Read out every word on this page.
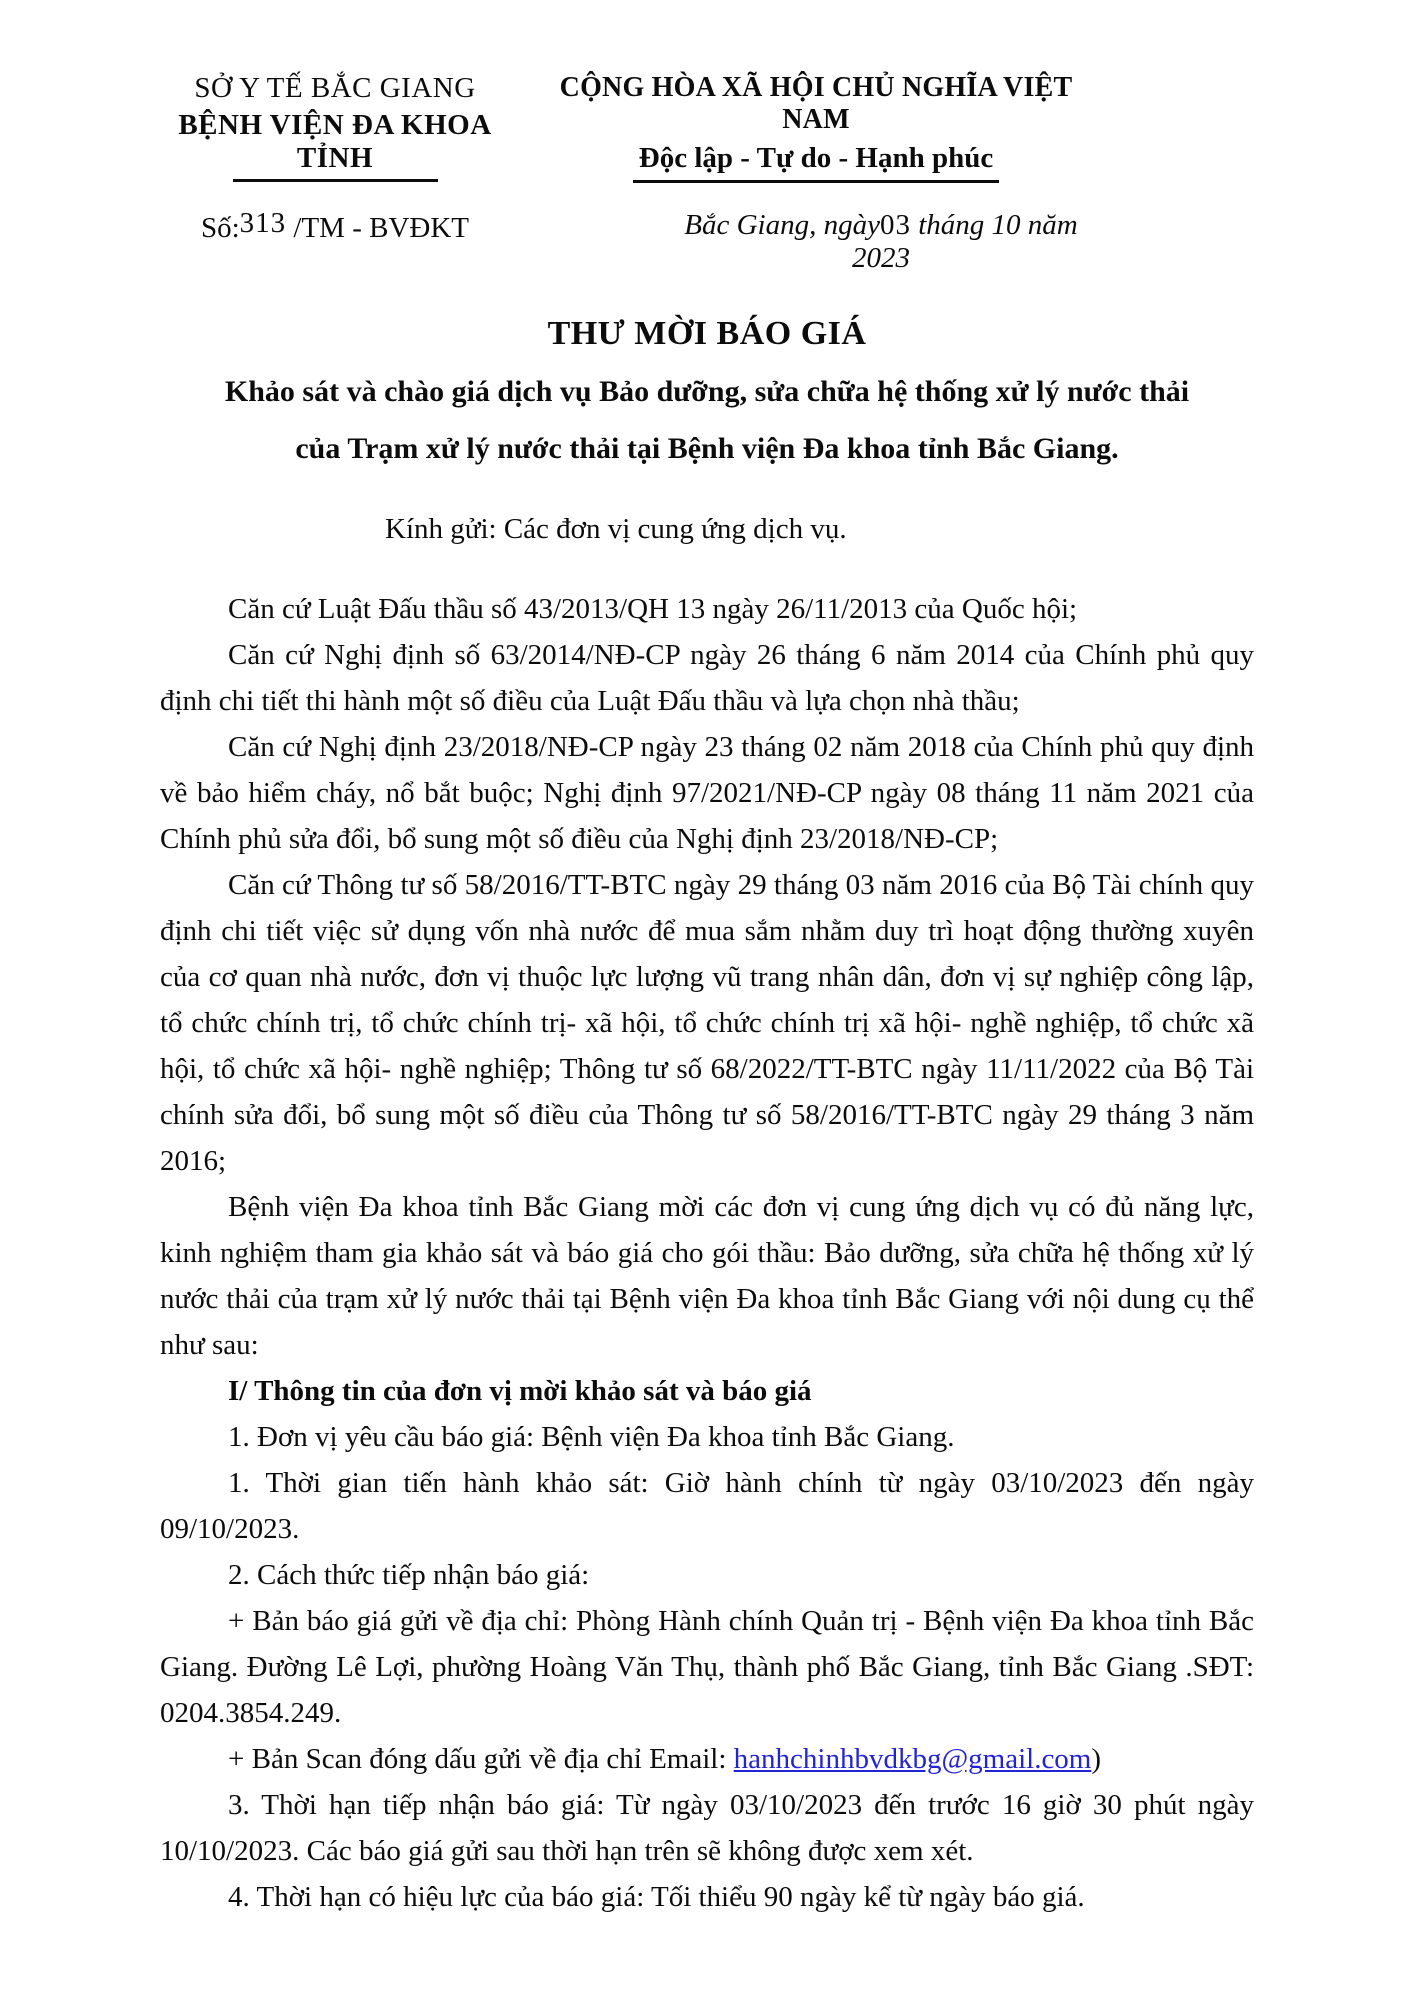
SỞ Y TẾ BẮC GIANG
BỆNH VIỆN ĐA KHOA TỈNH
Số:313 /TM - BVĐKT
CỘNG HÒA XÃ HỘI CHỦ NGHĨA VIỆT NAM
Độc lập - Tự do - Hạnh phúc
Bắc Giang, ngày03 tháng 10 năm 2023
THƯ MỜI BÁO GIÁ
Khảo sát và chào giá dịch vụ Bảo dưỡng, sửa chữa hệ thống xử lý nước thải
của Trạm xử lý nước thải tại Bệnh viện Đa khoa tỉnh Bắc Giang.
Kính gửi: Các đơn vị cung ứng dịch vụ.

Căn cứ Luật Đấu thầu số 43/2013/QH 13 ngày 26/11/2013 của Quốc hội;

Căn cứ Nghị định số 63/2014/NĐ-CP ngày 26 tháng 6 năm 2014 của Chính phủ quy định chi tiết thi hành một số điều của Luật Đấu thầu và lựa chọn nhà thầu;

Căn cứ Nghị định 23/2018/NĐ-CP ngày 23 tháng 02 năm 2018 của Chính phủ quy định về bảo hiểm cháy, nổ bắt buộc; Nghị định 97/2021/NĐ-CP ngày 08 tháng 11 năm 2021 của Chính phủ sửa đổi, bổ sung một số điều của Nghị định 23/2018/NĐ-CP;

Căn cứ Thông tư số 58/2016/TT-BTC ngày 29 tháng 03 năm 2016 của Bộ Tài chính quy định chi tiết việc sử dụng vốn nhà nước để mua sắm nhằm duy trì hoạt động thường xuyên của cơ quan nhà nước, đơn vị thuộc lực lượng vũ trang nhân dân, đơn vị sự nghiệp công lập, tổ chức chính trị, tổ chức chính trị- xã hội, tổ chức chính trị xã hội- nghề nghiệp, tổ chức xã hội, tổ chức xã hội- nghề nghiệp; Thông tư số 68/2022/TT-BTC ngày 11/11/2022 của Bộ Tài chính sửa đổi, bổ sung một số điều của Thông tư số 58/2016/TT-BTC ngày 29 tháng 3 năm 2016;

Bệnh viện Đa khoa tỉnh Bắc Giang mời các đơn vị cung ứng dịch vụ có đủ năng lực, kinh nghiệm tham gia khảo sát và báo giá cho gói thầu: Bảo dưỡng, sửa chữa hệ thống xử lý nước thải của trạm xử lý nước thải tại Bệnh viện Đa khoa tỉnh Bắc Giang với nội dung cụ thể như sau:

I/ Thông tin của đơn vị mời khảo sát và báo giá

1. Đơn vị yêu cầu báo giá: Bệnh viện Đa khoa tỉnh Bắc Giang.

1. Thời gian tiến hành khảo sát: Giờ hành chính từ ngày 03/10/2023 đến ngày 09/10/2023.

2. Cách thức tiếp nhận báo giá:

+ Bản báo giá gửi về địa chỉ: Phòng Hành chính Quản trị - Bệnh viện Đa khoa tỉnh Bắc Giang. Đường Lê Lợi, phường Hoàng Văn Thụ, thành phố Bắc Giang, tỉnh Bắc Giang .SĐT: 0204.3854.249.

+ Bản Scan đóng dấu gửi về địa chỉ Email: hanhchinhbvdkbg@gmail.com)

3. Thời hạn tiếp nhận báo giá: Từ ngày 03/10/2023 đến trước 16 giờ 30 phút ngày 10/10/2023. Các báo giá gửi sau thời hạn trên sẽ không được xem xét.

4. Thời hạn có hiệu lực của báo giá: Tối thiểu 90 ngày kể từ ngày báo giá.
